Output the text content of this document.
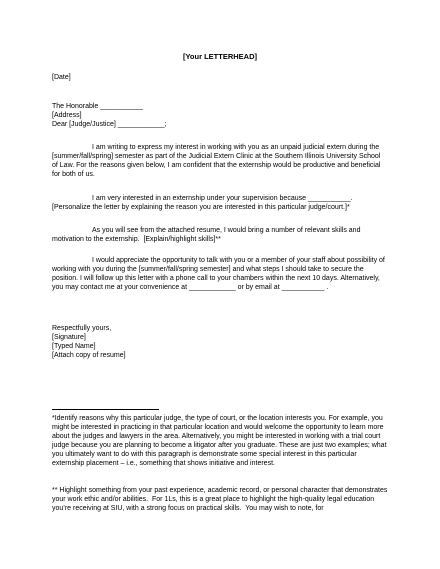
[Your LETTERHEAD]

[Date]

The Honorable ___________

[Address]

Dear [Judge/Justice] ____________;

I am writing to express my interest in working with you as an unpaid judicial extern during the [summer/fall/spring] semester as part of the Judicial Extern Clinic at the Southern Illinois University School of Law. For the reasons given below, I am confident that the externship would be productive and beneficial for both of us.

I am very interested in an externship under your supervision because ___________. [Personalize the letter by explaining the reason you are interested in this particular judge/court.]*

As you will see from the attached resume, I would bring a number of relevant skills and motivation to the externship.  [Explain/highlight skills]**

I would appreciate the opportunity to talk with you or a member of your staff about possibility of working with you during the [summer/fall/spring semester] and what steps I should take to secure the position. I will follow up this letter with a phone call to your chambers within the next 10 days. Alternatively, you may contact me at your convenience at ____________ or by email at ___________ .

Respectfully yours,

[Signature]

[Typed Name]

[Attach copy of resume]

*Identify reasons why this particular judge, the type of court, or the location interests you. For example, you might be interested in practicing in that particular location and would welcome the opportunity to learn more about the judges and lawyers in the area. Alternatively, you might be interested in working with a trial court judge because you are planning to become a litigator after you graduate. These are just two examples; what you ultimately want to do with this paragraph is demonstrate some special interest in this particular externship placement – i.e., something that shows initiative and interest.
** Highlight something from your past experience, academic record, or personal character that demonstrates your work ethic and/or abilities.  For 1Ls, this is a great place to highlight the high-quality legal education you’re receiving at SIU, with a strong focus on practical skills.  You may wish to note, for
